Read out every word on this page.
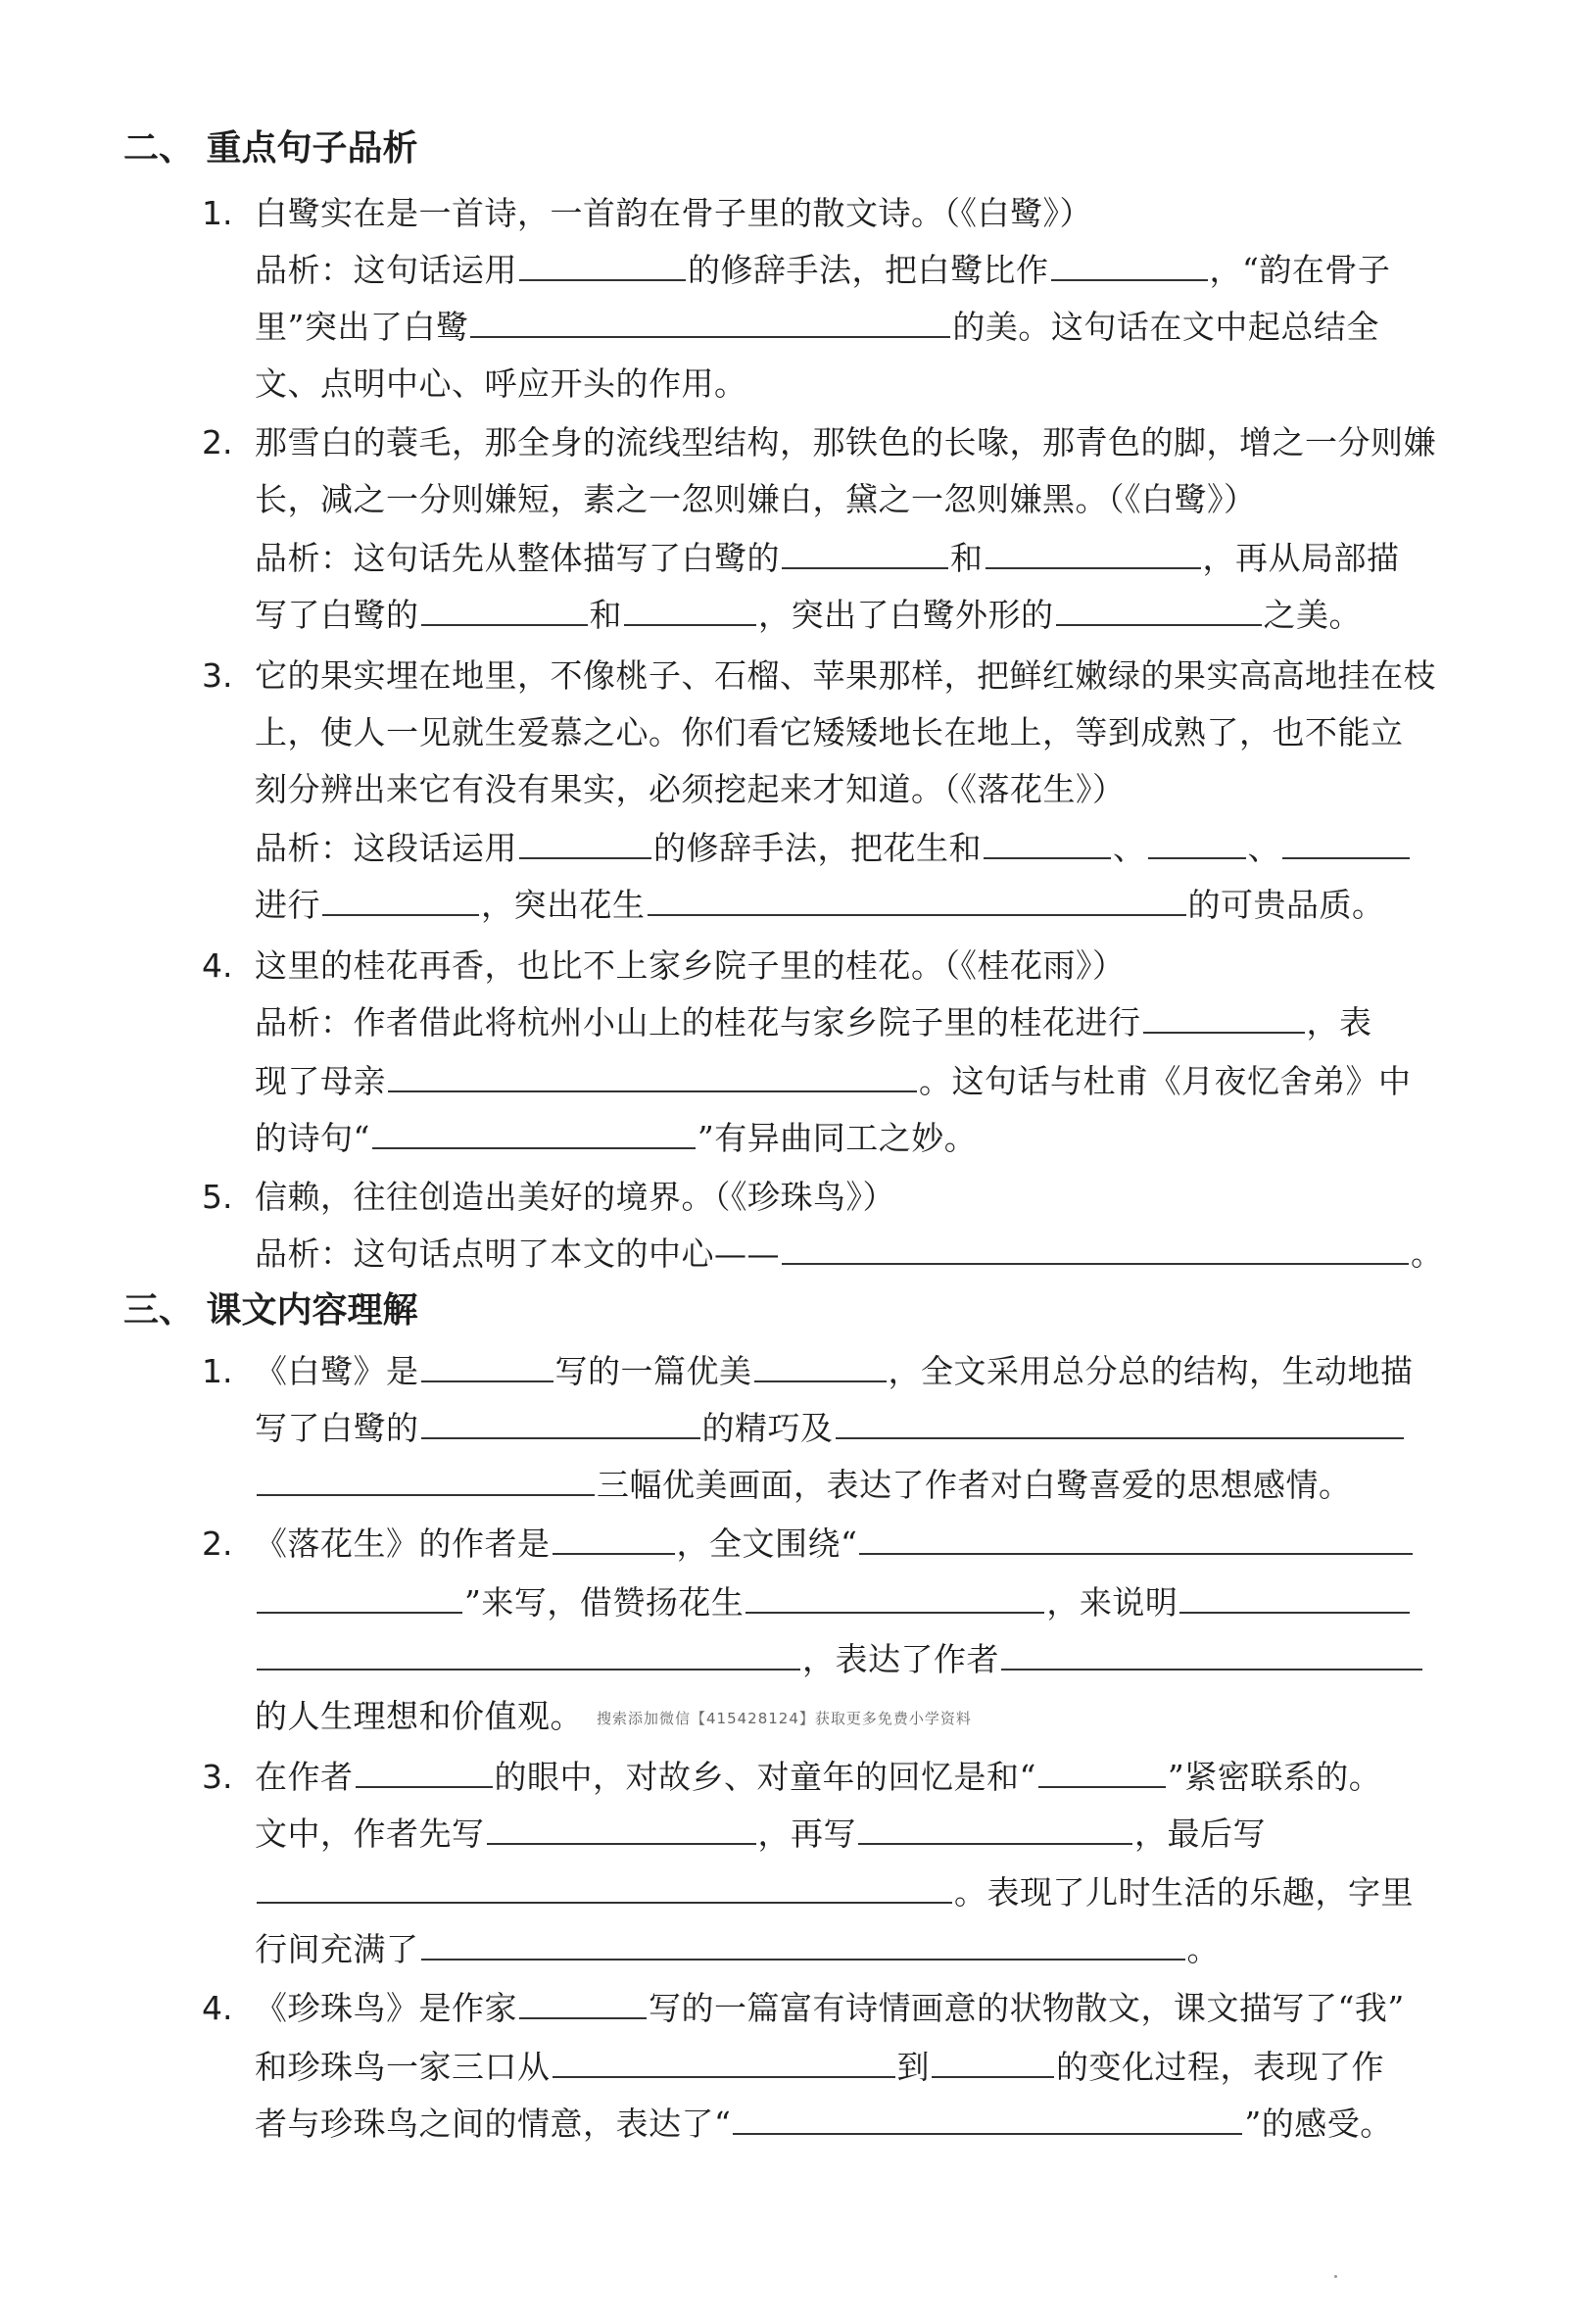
二、 重点句子品析
1. 白鹭实在是一首诗，一首韵在骨子里的散文诗。（《白鹭》）
品析：这句话运用	的修辞手法，把白鹭比作	，“韵在骨子
里”突出了白鹭	的美。这句话在文中起总结全
文、点明中心、呼应开头的作用。
2. 那雪白的蓑毛，那全身的流线型结构，那铁色的长喙，那青色的脚，增之一分则嫌
长，减之一分则嫌短，素之一忽则嫌白，黛之一忽则嫌黑。（《白鹭》）
品析：这句话先从整体描写了白鹭的	和	，再从局部描
写了白鹭的	和	，突出了白鹭外形的	之美。
3. 它的果实埋在地里，不像桃子、石榴、苹果那样，把鲜红嫩绿的果实高高地挂在枝
上，使人一见就生爱慕之心。你们看它矮矮地长在地上，等到成熟了，也不能立
刻分辨出来它有没有果实，必须挖起来才知道。（《落花生》）
品析：这段话运用	的修辞手法，把花生和	、	、
进行	，突出花生	的可贵品质。
4. 这里的桂花再香，也比不上家乡院子里的桂花。（《桂花雨》）
品析：作者借此将杭州小山上的桂花与家乡院子里的桂花进行	，表
现了母亲	。这句话与杜甫《月夜忆舍弟》中
的诗句“	”有异曲同工之妙。
5. 信赖，往往创造出美好的境界。（《珍珠鸟》）
品析：这句话点明了本文的中心——	。
三、 课文内容理解
1. 《白鹭》是	写的一篇优美	，全文采用总分总的结构，生动地描
写了白鹭的	的精巧及
三幅优美画面，表达了作者对白鹭喜爱的思想感情。
2. 《落花生》的作者是	，全文围绕“
”来写，借赞扬花生	，来说明
，表达了作者
的人生理想和价值观。 搜索添加微信【415428124】获取更多免费小学资料
3. 在作者	的眼中，对故乡、对童年的回忆是和“	”紧密联系的。
文中，作者先写	，再写	，最后写
。表现了儿时生活的乐趣，字里
行间充满了	。
4. 《珍珠鸟》是作家	写的一篇富有诗情画意的状物散文，课文描写了“我”
和珍珠鸟一家三口从	到	的变化过程，表现了作
者与珍珠鸟之间的情意，表达了“	”的感受。
